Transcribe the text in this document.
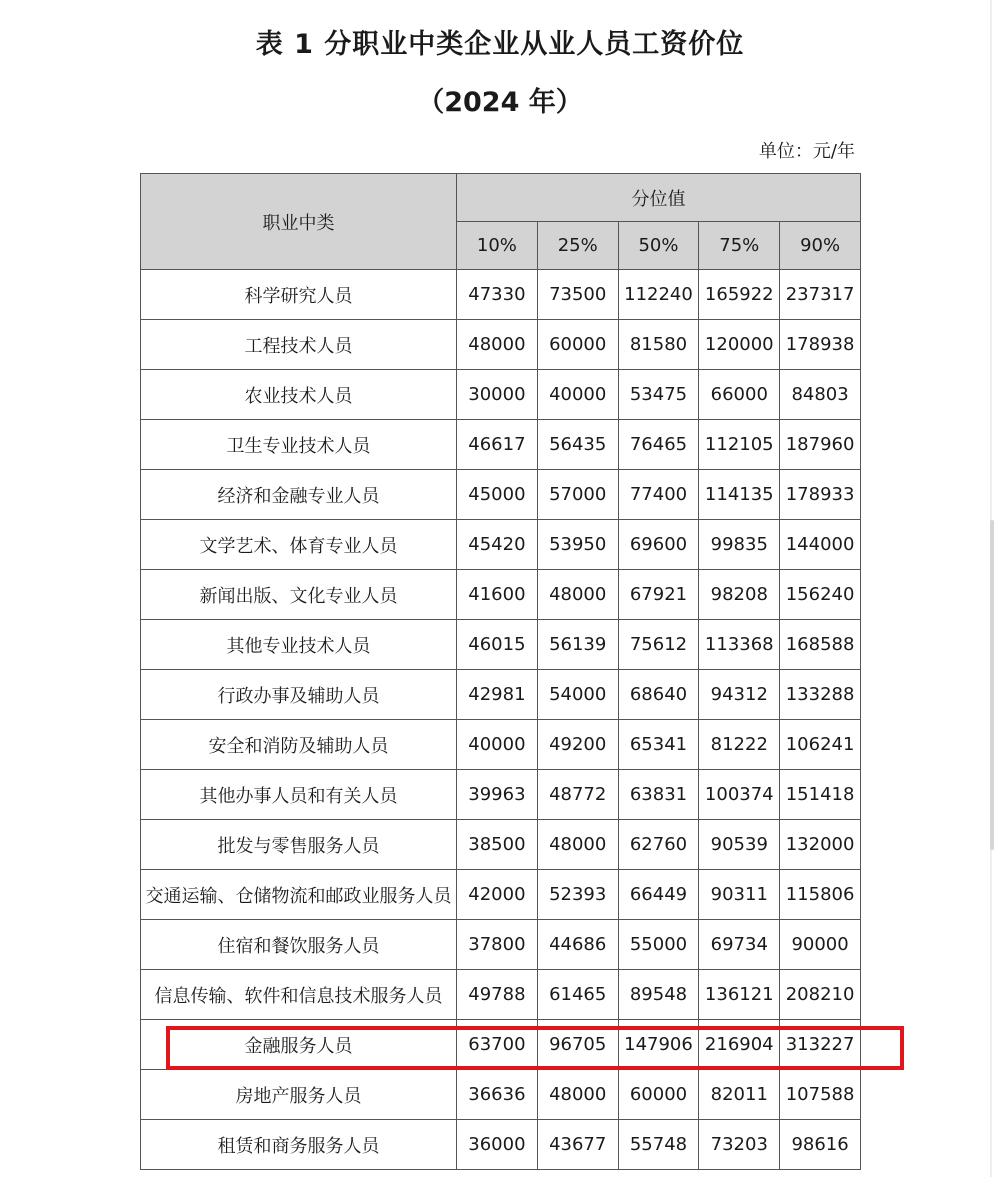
表 1 分职业中类企业从业人员工资价位
（2024 年）
单位：元/年
职业中类	分位值				
	10%	25%	50%	75%	90%
科学研究人员	47330	73500	112240	165922	237317
工程技术人员	48000	60000	81580	120000	178938
农业技术人员	30000	40000	53475	66000	84803
卫生专业技术人员	46617	56435	76465	112105	187960
经济和金融专业人员	45000	57000	77400	114135	178933
文学艺术、体育专业人员	45420	53950	69600	99835	144000
新闻出版、文化专业人员	41600	48000	67921	98208	156240
其他专业技术人员	46015	56139	75612	113368	168588
行政办事及辅助人员	42981	54000	68640	94312	133288
安全和消防及辅助人员	40000	49200	65341	81222	106241
其他办事人员和有关人员	39963	48772	63831	100374	151418
批发与零售服务人员	38500	48000	62760	90539	132000
交通运输、仓储物流和邮政业服务人员	42000	52393	66449	90311	115806
住宿和餐饮服务人员	37800	44686	55000	69734	90000
信息传输、软件和信息技术服务人员	49788	61465	89548	136121	208210
金融服务人员	63700	96705	147906	216904	313227
房地产服务人员	36636	48000	60000	82011	107588
租赁和商务服务人员	36000	43677	55748	73203	98616
